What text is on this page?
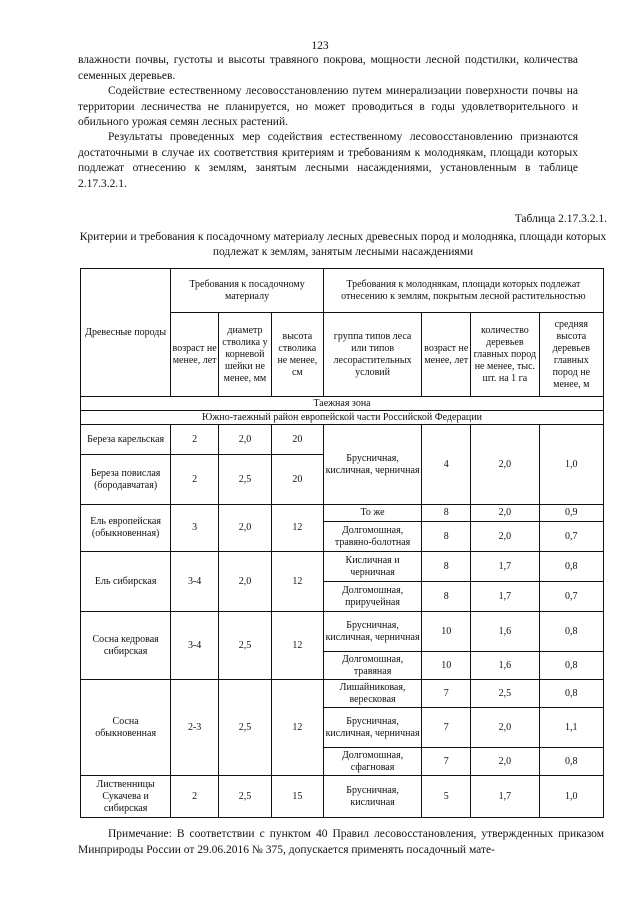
123

влажности почвы, густоты и высоты травяного покрова, мощности лесной подстилки, количества семенных деревьев.

Содействие естественному лесовосстановлению путем минерализации поверхности почвы на территории лесничества не планируется, но может проводиться в годы удовлетворительного и обильного урожая семян лесных растений.

Результаты проведенных мер содействия естественному лесовосстановлению признаются достаточными в случае их соответствия критериям и требованиям к молоднякам, площади которых подлежат отнесению к землям, занятым лесными насаждениями, установленным в таблице 2.17.3.2.1.

Таблица 2.17.3.2.1.
Критерии и требования к посадочному материалу лесных древесных пород и молодняка, площади которых подлежат к землям, занятым лесными насаждениями
Древесные породы	Требования к посадочному материалу			Требования к молоднякам, площади которых подлежат отнесению к землям, покрытым лесной растительностью			
	возраст не менее, лет	диаметр стволика у корневой шейки не менее, мм	высота стволика не менее, см	группа типов леса или типов лесорастительных условий	возраст не менее, лет	количество деревьев главных пород не менее, тыс. шт. на 1 га	средняя высота деревьев главных пород не менее, м
Таежная зона							
Южно-таежный район европейской части Российской Федерации							
Береза карельская	2	2,0	20	Брусничная, кисличная, черничная	4	2,0	1,0
Береза повислая (бородавчатая)	2	2,5	20				
Ель европейская (обыкновенная)	3	2,0	12	То же	8	2,0	0,9
				Долгомошная, травяно-болотная	8	2,0	0,7
Ель сибирская	3-4	2,0	12	Кисличная и черничная	8	1,7	0,8
				Долгомошная, приручейная	8	1,7	0,7
Сосна кедровая сибирская	3-4	2,5	12	Брусничная, кисличная, черничная	10	1,6	0,8
				Долгомошная, травяная	10	1,6	0,8
Сосна обыкновенная	2-3	2,5	12	Лишайниковая, вересковая	7	2,5	0,8
				Брусничная, кисличная, черничная	7	2,0	1,1
				Долгомошная, сфагновая	7	2,0	0,8
Лиственницы Сукачева и сибирская	2	2,5	15	Брусничная, кисличная	5	1,7	1,0

Примечание: В соответствии с пунктом 40 Правил лесовосстановления, утвержденных приказом Минприроды России от 29.06.2016 № 375, допускается применять посадочный мате-
